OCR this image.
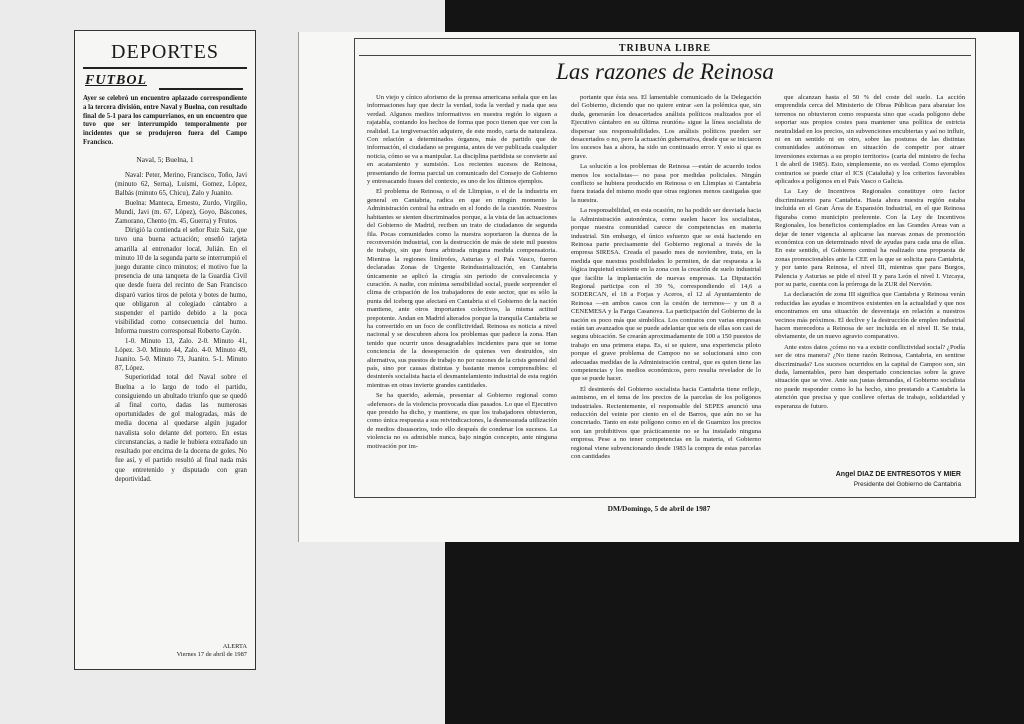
DEPORTES
FUTBOL
Ayer se celebró un encuentro aplazado correspondiente a la tercera división, entre Naval y Buelna, con resultado final de 5-1 para los campurrianos, en un encuentro que tuvo que ser interrumpido temporalmente por incidentes que se produjeron fuera del Campo Francisco.
Naval, 5; Buelna, 1

Naval: Peter, Merino, Francisco, Toño, Javi (minuto 62, Serna), Luismi, Gomez, López, Balbás (minuto 65, Chicu), Zalo y Juanito.

Buelna: Manteca, Ernesto, Zurdo, Virgilio, Mundi, Javi (m. 67, López), Goyo, Báscones, Zamorano, Chento (m. 45, Guerra) y Frutos.

Dirigió la contienda el señor Ruiz Saiz, que tuvo una buena actuación; enseñó tarjeta amarilla al entrenador local, Julián. En el minuto 10 de la segunda parte se interrumpió el juego durante cinco minutos; el motivo fue la presencia de una tanqueta de la Guardia Civil que desde fuera del recinto de San Francisco disparó varios tiros de pelota y botes de humo, que obligaron al colegiado cántabro a suspender el partido debido a la poca visibilidad como consecuencia del humo. Informa nuestro corresponsal Roberto Cayón.

1-0. Minuto 13, Zalo. 2-0. Minuto 41, López. 3-0. Minuto 44, Zalo. 4-0. Minuto 49, Juanito. 5-0. Minuto 73, Juanito. 5-1. Minuto 87, López.

Superioridad total del Naval sobre el Buelna a lo largo de todo el partido, consiguiendo un abultado triunfo que se quedó al final corto, dadas las numerosas oportunidades de gol malogradas, más de media docena al quedarse algún jugador navalista solo delante del portero. En estas circunstancias, a nadie le hubiera extrañado un resultado por encima de la docena de goles. No fue así, y el partido resultó al final nada más que entretenido y disputado con gran deportividad.

ALERTA
Viernes 17 de abril de 1987
TRIBUNA LIBRE
Las razones de Reinosa

Un viejo y cínico aforismo de la prensa americana señala que en las informaciones hay que decir la verdad, toda la verdad y nada que sea verdad. Algunos medios informativos en nuestra región lo siguen a rajatabla, contando los hechos de forma que poco tienen que ver con la realidad. La tergiversación adquiere, de este modo, carta de naturaleza. Con relación a determinados órganos, más de partido que de información, el ciudadano se pregunta, antes de ver publicada cualquier noticia, cómo se va a manipular. La disciplina partidista se convierte así en acatamiento y sumisión. Los recientes sucesos de Reinosa, presentando de forma parcial un comunicado del Consejo de Gobierno y entresacando frases del contexto, es uno de los últimos ejemplos.

El problema de Reinosa, o el de Llimpias, o el de la industria en general en Cantabria, radica en que en ningún momento la Administración central ha entrado en el fondo de la cuestión. Nuestros habitantes se sienten discriminados porque, a la vista de las actuaciones del Gobierno de Madrid, reciben un trato de ciudadanos de segunda fila. Pocas comunidades como la nuestra soportaron la dureza de la reconversión industrial, con la destrucción de más de siete mil puestos de trabajo, sin que fuera arbitrada ninguna medida compensatoria. Mientras la regiones limítrofes, Asturias y el País Vasco, fueron declaradas Zonas de Urgente Reindustrialización, en Cantabria únicamente se aplicó la cirugía sin periodo de convalecencia y curación. A nadie, con mínima sensibilidad social, puede sorprender el clima de crispación de los trabajadores de este sector, que es sólo la punta del iceberg que afectará en Cantabria si el Gobierno de la nación mantiene, ante otros importantes colectivos, la misma actitud prepotente. Andan en Madrid alterados porque la tranquila Cantabria se ha convertido en un foco de conflictividad. Reinosa es noticia a nivel nacional y se descubren ahora los problemas que padece la zona. Han tenido que ocurrir unos desagradables incidentes para que se tome conciencia de la desesperación de quienes ven destruidos, sin alternativa, sus puestos de trabajo no por razones de la crisis general del país, sino por causas distintas y bastante menos comprensibles: el desinterés socialista hacia el desmantelamiento industrial de esta región mientras en otras invierte grandes cantidades.

Se ha querido, además, presentar al Gobierno regional como «defensor» de la violencia provocada días pasados. Lo que el Ejecutivo que presido ha dicho, y mantiene, es que los trabajadores obtuvieron, como única respuesta a sus reivindicaciones, la desmesurada utilización de medios disuasorios, todo ello después de condenar los sucesos. La violencia no es admisible nunca, bajo ningún concepto, ante ninguna motivación por im-

portante que ésta sea. El lamentable comunicado de la Delegación del Gobierno, diciendo que no quiere entrar «en la polémica que, sin duda, generarán los desacertados análisis políticos realizados por el Ejecutivo cántabro en su última reunión» sigue la línea socialista de dispersar sus responsabilidades. Los análisis políticos pueden ser desacertados o no, pero la actuación gubernativa, desde que se iniciaron los sucesos has a ahora, ha sido un continuado error. Y esto sí que es grave.

La solución a los problemas de Reinosa —están de acuerdo todos menos los socialistas— no pasa por medidas policiales. Ningún conflicto se hubiera producido en Reinosa o en Llimpias si Cantabria fuera tratada del mismo modo que otras regiones menos castigadas que la nuestra.

La responsabilidad, en esta ocasión, no ha podido ser desviada hacia la Administración autonómica, como suelen hacer los socialistas, porque nuestra comunidad carece de competencias en materia industrial. Sin embargo, el único esfuerzo que se está haciendo en Reinosa parte precisamente del Gobierno regional a través de la empresa SIRESA. Creada el pasado mes de noviembre, trata, en la medida que nuestras posibilidades lo permiten, de dar respuesta a la lógica inquietud existente en la zona con la creación de suelo industrial que facilite la implantación de nuevas empresas. La Diputación Regional participa con el 39 %, correspondiendo el 14,6 a SODERCAN, el 18 a Forjas y Aceros, el 12 al Ayuntamiento de Reinosa —en ambos casos con la cesión de terrenos— y un 8 a CENEMESA y la Farga Casanova. La participación del Gobierno de la nación es poco más que simbólica. Los contratos con varias empresas están tan avanzados que se puede adelantar que seis de ellas son casi de segura ubicación. Se crearán aproximadamente de 100 a 150 puestos de trabajo en una primera etapa. Es, si se quiere, una experiencia piloto porque el grave problema de Campoo no se solucionará sino con adecuadas medidas de la Administración central, que es quien tiene las competencias y los medios económicos, pero resulta revelador de lo que se puede hacer.

El desinterés del Gobierno socialista hacia Cantabria tiene reflejo, asimismo, en el tema de los precios de la parcelas de los polígonos industriales. Recientemente, el responsable del SEPES anunció una reducción del veinte por ciento en el de Barros, que aún no se ha concretado. Tanto en este polígono como en el de Guarnizo los precios son tan prohibitivos que prácticamente no se ha instalado ninguna empresa. Pese a no tener competencias en la materia, el Gobierno regional viene subvencionando desde 1983 la compra de estas parcelas con cantidades

que alcanzan hasta el 50 % del coste del suelo. La acción emprendida cerca del Ministerio de Obras Públicas para abaratar los terrenos no obtuvieron como respuesta sino que «cada polígono debe soportar sus propios costes para mantener una política de estricta neutralidad en los precios, sin subvenciones encubiertas y así no influir, ni en un sentido ni en otro, sobre las posturas de las distintas comunidades autónomas en situación de competir por atraer inversiones externas a su propio territorio» (carta del ministro de fecha 1 de abril de 1985). Esto, simplemente, no es verdad. Como ejemplos contrarios se puede citar el ICS (Cataluña) y los criterios favorables aplicados a polígonos en el País Vasco o Galicia.

La Ley de Incentivos Regionales constituye otro factor discriminatorio para Cantabria. Hasta ahora nuestra región estaba incluida en el Gran Área de Expansión Industrial, en el que Reinosa figuraba como municipio preferente. Con la Ley de Incentivos Regionales, los beneficios contemplados en las Grandes Areas van a dejar de tener vigencia al aplicarse las nuevas zonas de promoción económica con un determinado nivel de ayudas para cada una de ellas. En este sentido, el Gobierno central ha realizado una propuesta de zonas promocionables ante la CEE en la que se solicita para Cantabria, y por tanto para Reinosa, el nivel III, mientras que para Burgos, Palencia y Asturias se pide el nivel II y para León el nivel I. Vizcaya, por su parte, cuenta con la prórroga de la ZUR del Nervión.

La declaración de zona III significa que Cantabria y Reinosa verán reducidas las ayudas e incentivos existentes en la actualidad y que nos encontramos en una situación de desventaja en relación a nuestros vecinos más próximos. El declive y la destrucción de empleo industrial hacen merecedora a Reinosa de ser incluida en el nivel II. Se trata, obviamente, de un nuevo agravio comparativo.

Ante estos datos ¿cómo no va a existir conflictividad social? ¿Podía ser de otra manera? ¿No tiene razón Reinosa, Cantabria, en sentirse discriminada? Los sucesos ocurridos en la capital de Campoo son, sin duda, lamentables, pero han despertado conciencias sobre la grave situación que se vive. Ante sus justas demandas, el Gobierno socialista no puede responder como lo ha hecho, sino prestando a Cantabria la atención que precisa y que conlleve ofertas de trabajo, solidaridad y esperanza de futuro.

Angel DIAZ DE ENTRESOTOS Y MIER
Presidente del Gobierno de Cantabria
DM/Domingo, 5 de abril de 1987
